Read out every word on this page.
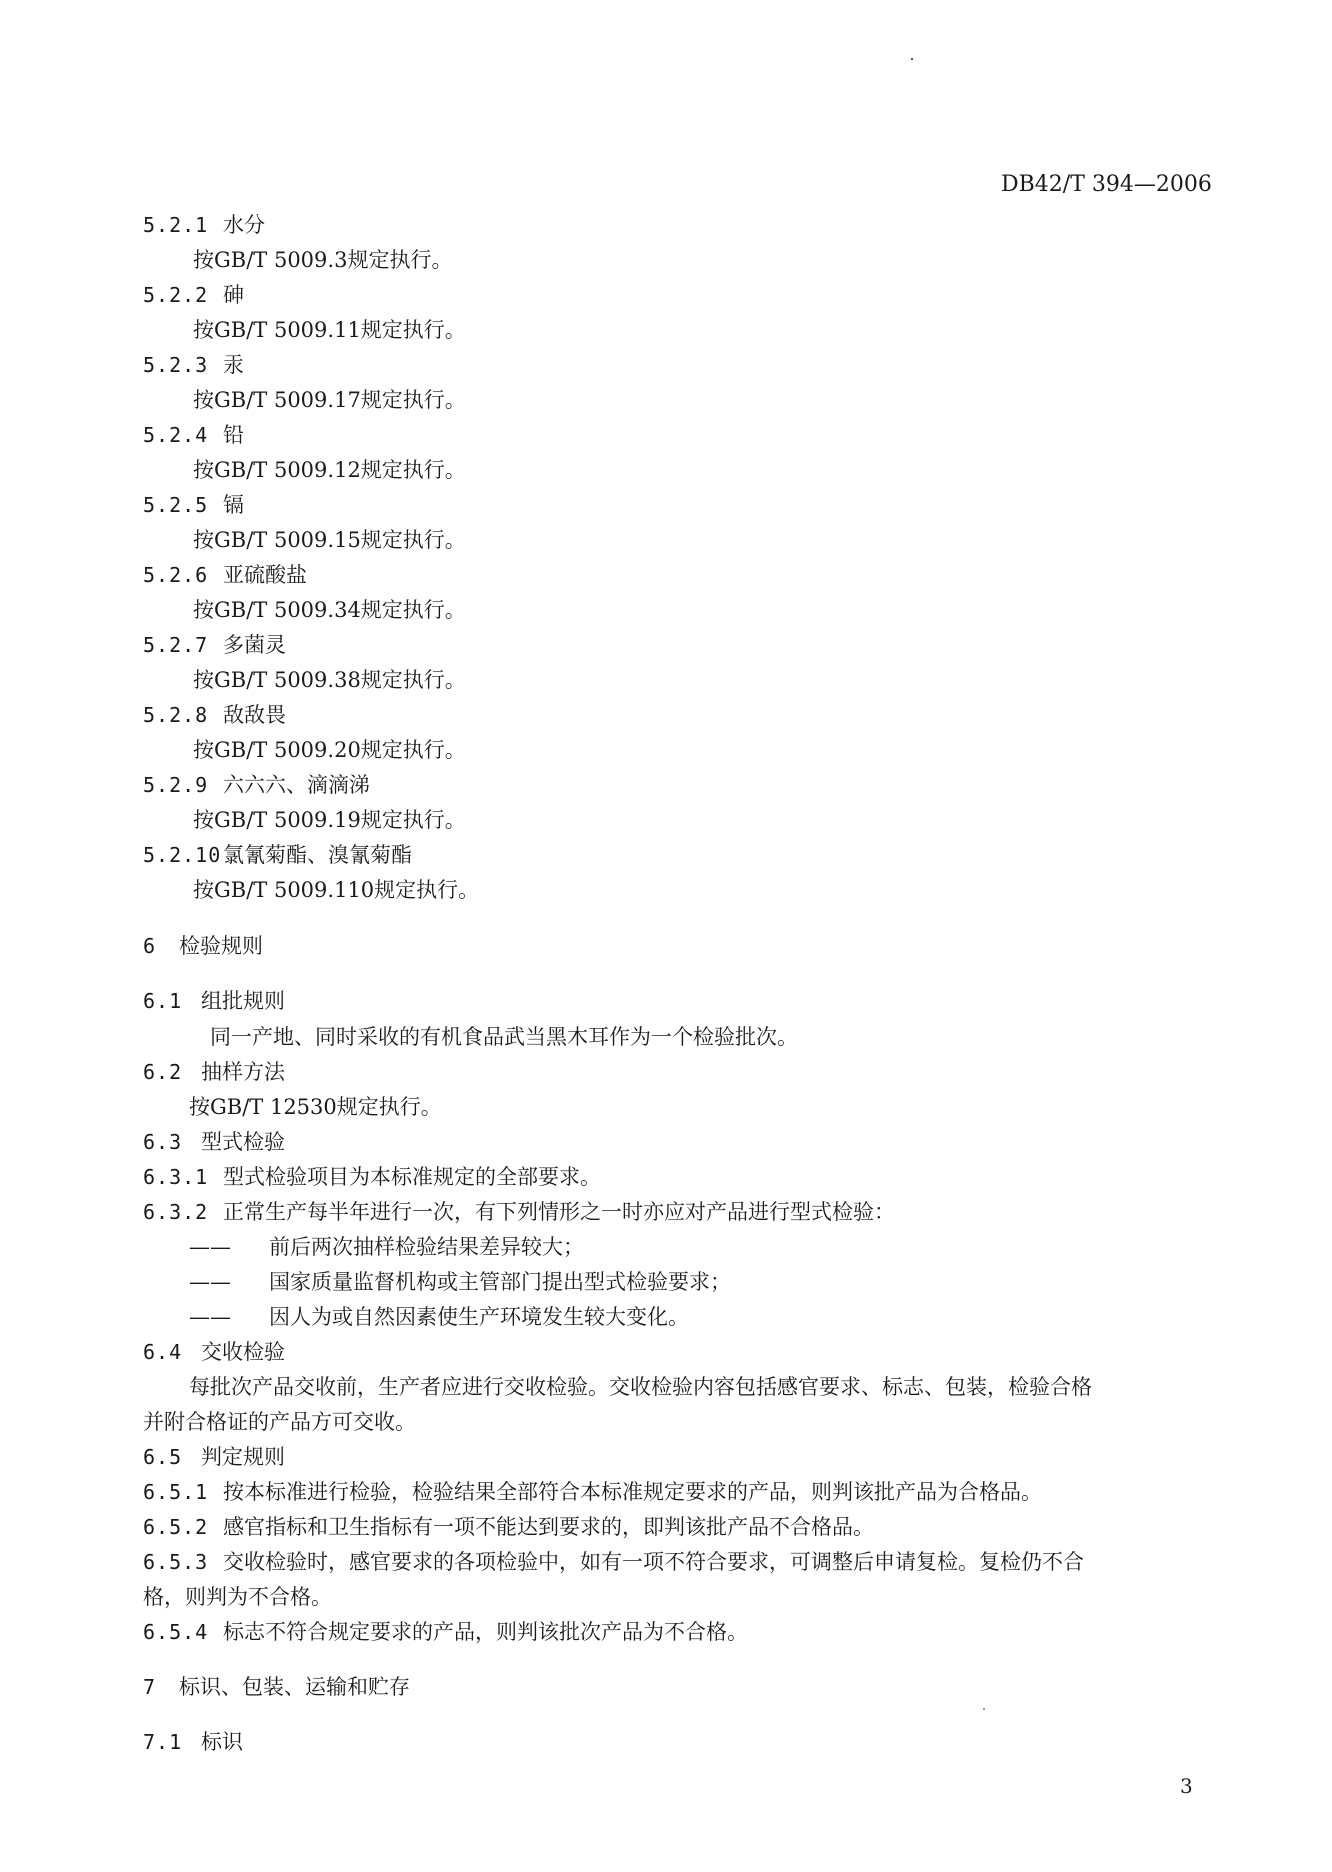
DB42/T 394—2006
5.2.1 水分
按GB/T 5009.3规定执行。
5.2.2 砷
按GB/T 5009.11规定执行。
5.2.3 汞
按GB/T 5009.17规定执行。
5.2.4 铅
按GB/T 5009.12规定执行。
5.2.5 镉
按GB/T 5009.15规定执行。
5.2.6 亚硫酸盐
按GB/T 5009.34规定执行。
5.2.7 多菌灵
按GB/T 5009.38规定执行。
5.2.8 敌敌畏
按GB/T 5009.20规定执行。
5.2.9 六六六、滴滴涕
按GB/T 5009.19规定执行。
5.2.10氯氰菊酯、溴氰菊酯
按GB/T 5009.110规定执行。
6 检验规则
6.1 组批规则
同一产地、同时采收的有机食品武当黑木耳作为一个检验批次。
6.2 抽样方法
按GB/T 12530规定执行。
6.3 型式检验
6.3.1 型式检验项目为本标准规定的全部要求。
6.3.2 正常生产每半年进行一次，有下列情形之一时亦应对产品进行型式检验：
—— 前后两次抽样检验结果差异较大；
—— 国家质量监督机构或主管部门提出型式检验要求；
—— 因人为或自然因素使生产环境发生较大变化。
6.4 交收检验
每批次产品交收前，生产者应进行交收检验。交收检验内容包括感官要求、标志、包装，检验合格
并附合格证的产品方可交收。
6.5 判定规则
6.5.1 按本标准进行检验，检验结果全部符合本标准规定要求的产品，则判该批产品为合格品。
6.5.2 感官指标和卫生指标有一项不能达到要求的，即判该批产品不合格品。
6.5.3 交收检验时，感官要求的各项检验中，如有一项不符合要求，可调整后申请复检。复检仍不合
格，则判为不合格。
6.5.4 标志不符合规定要求的产品，则判该批次产品为不合格。
7 标识、包装、运输和贮存
7.1 标识
3
